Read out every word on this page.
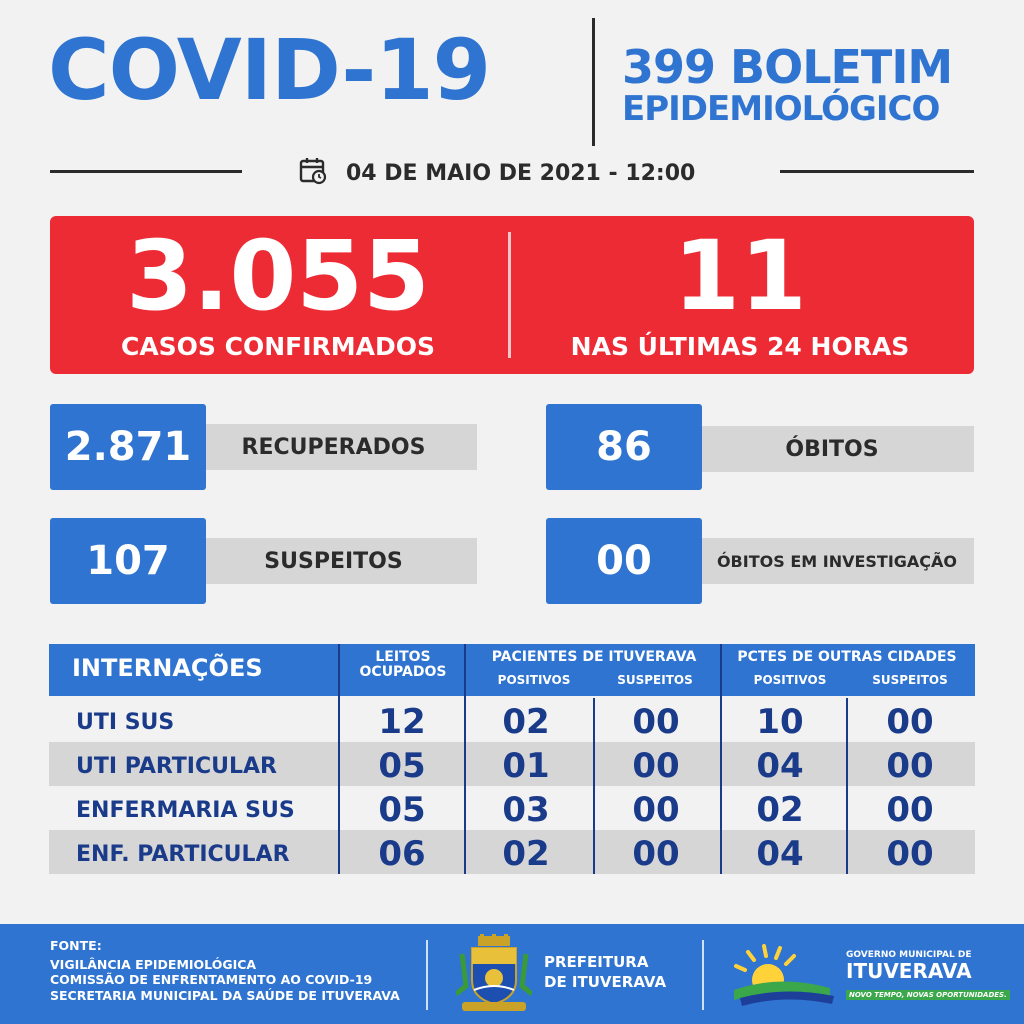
COVID-19	399 BOLETIM
EPIDEMIOLÓGICO
04 DE MAIO DE 2021 - 12:00
3.055
CASOS CONFIRMADOS
11
NAS ÚLTIMAS 24 HORAS
RECUPERADOS
2.871	ÓBITOS
86
SUSPEITOS
107	ÓBITOS EM INVESTIGAÇÃO
00
INTERNAÇÕES	LEITOS OCUPADOS
PACIENTES DE ITUVERAVA
POSITIVOS	SUSPEITOS
PCTES DE OUTRAS CIDADES
POSITIVOS	SUSPEITOS
UTI SUS	12	02	00	10	00
UTI PARTICULAR	05	01	00	04	00
ENFERMARIA SUS	05	03	00	02	00
ENF. PARTICULAR	06	02	00	04	00
FONTE:
VIGILÂNCIA EPIDEMIOLÓGICA
COMISSÃO DE ENFRENTAMENTO AO COVID-19
SECRETARIA MUNICIPAL DA SAÚDE DE ITUVERAVA
PREFEITURA
DE ITUVERAVA
GOVERNO MUNICIPAL DE
ITUVERAVA
NOVO TEMPO, NOVAS OPORTUNIDADES.
